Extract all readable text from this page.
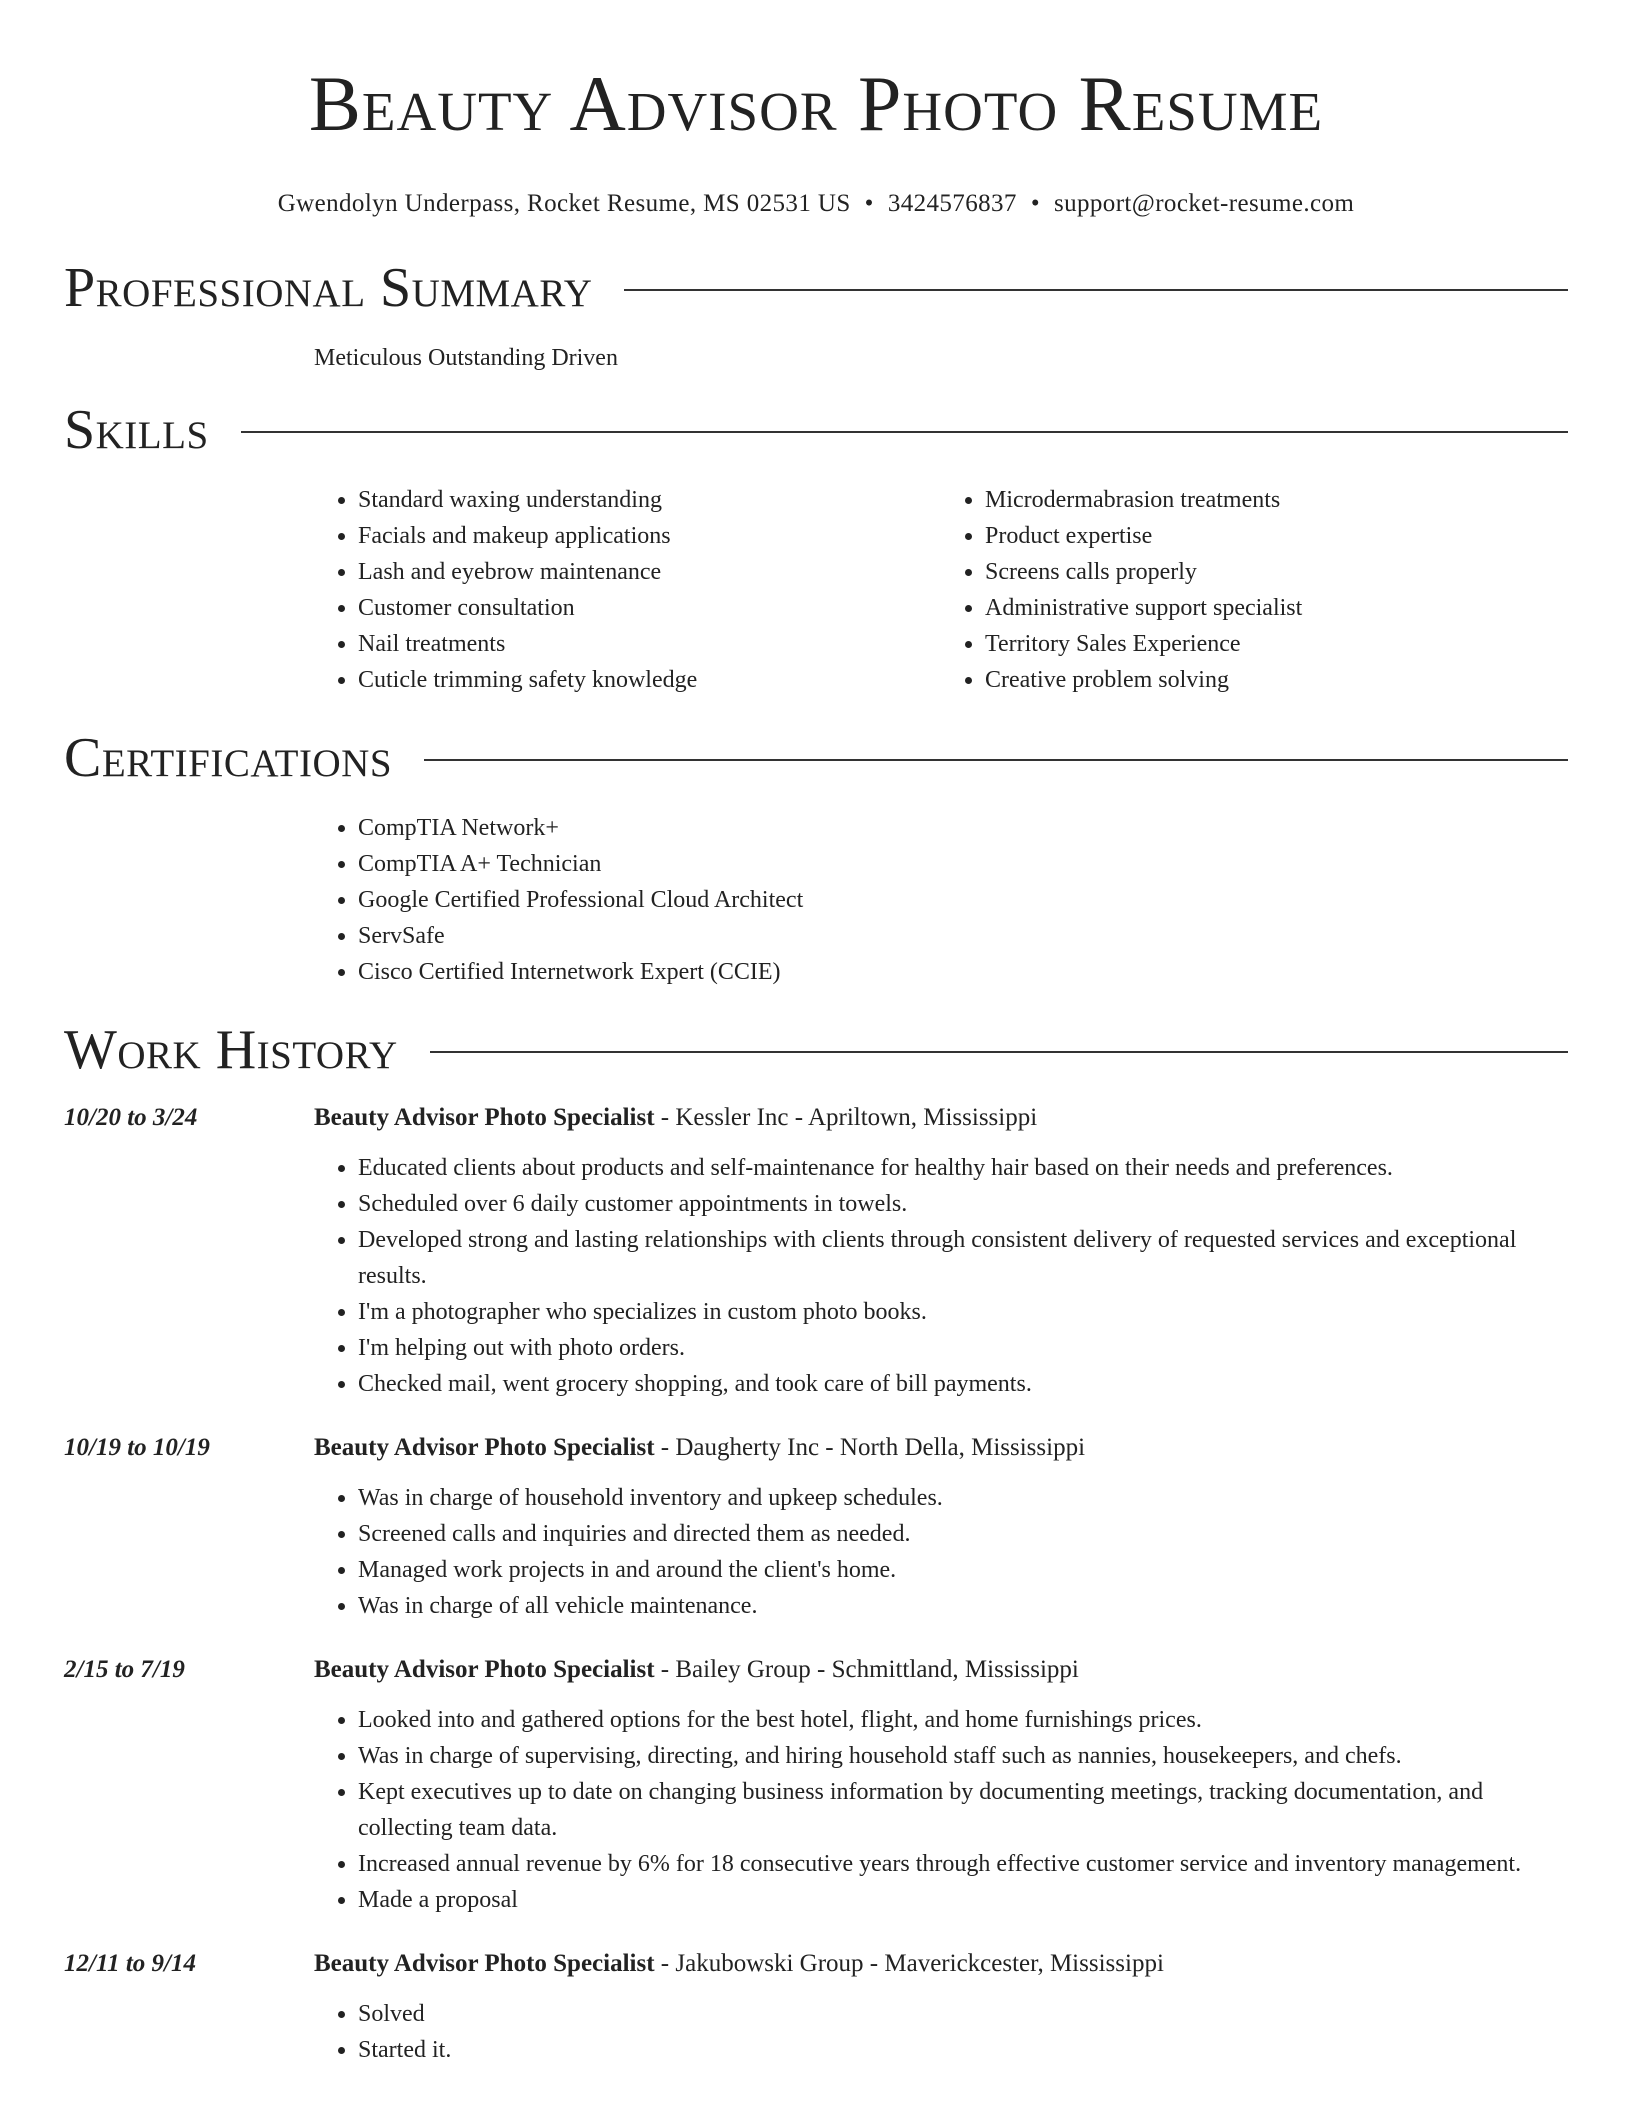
Beauty Advisor Photo Resume
Gwendolyn Underpass, Rocket Resume, MS 02531 US • 3424576837 • support@rocket-resume.com
Professional Summary
Meticulous Outstanding Driven
Skills
• Standard waxing understanding
• Facials and makeup applications
• Lash and eyebrow maintenance
• Customer consultation
• Nail treatments
• Cuticle trimming safety knowledge
• Microdermabrasion treatments
• Product expertise
• Screens calls properly
• Administrative support specialist
• Territory Sales Experience
• Creative problem solving
Certifications
• CompTIA Network+
• CompTIA A+ Technician
• Google Certified Professional Cloud Architect
• ServSafe
• Cisco Certified Internetwork Expert (CCIE)
Work History
10/20 to 3/24	Beauty Advisor Photo Specialist - Kessler Inc - Apriltown, Mississippi
• Educated clients about products and self-maintenance for healthy hair based on their needs and preferences.
• Scheduled over 6 daily customer appointments in towels.
• Developed strong and lasting relationships with clients through consistent delivery of requested services and exceptional results.
• I'm a photographer who specializes in custom photo books.
• I'm helping out with photo orders.
• Checked mail, went grocery shopping, and took care of bill payments.
10/19 to 10/19	Beauty Advisor Photo Specialist - Daugherty Inc - North Della, Mississippi
• Was in charge of household inventory and upkeep schedules.
• Screened calls and inquiries and directed them as needed.
• Managed work projects in and around the client's home.
• Was in charge of all vehicle maintenance.
2/15 to 7/19	Beauty Advisor Photo Specialist - Bailey Group - Schmittland, Mississippi
• Looked into and gathered options for the best hotel, flight, and home furnishings prices.
• Was in charge of supervising, directing, and hiring household staff such as nannies, housekeepers, and chefs.
• Kept executives up to date on changing business information by documenting meetings, tracking documentation, and collecting team data.
• Increased annual revenue by 6% for 18 consecutive years through effective customer service and inventory management.
• Made a proposal
12/11 to 9/14	Beauty Advisor Photo Specialist - Jakubowski Group - Maverickcester, Mississippi
• Solved
• Started it.
